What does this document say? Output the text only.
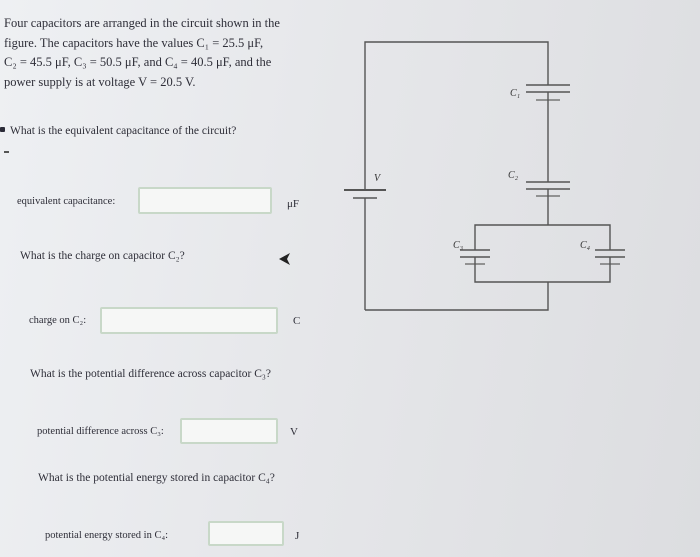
Four capacitors are arranged in the circuit shown in the
figure. The capacitors have the values C₁ = 25.5 μF,
C₂ = 45.5 μF, C₃ = 50.5 μF, and C₄ = 40.5 μF, and the
power supply is at voltage V = 20.5 V.
What is the equivalent capacitance of the circuit?
equivalent capacitance:	μF
What is the charge on capacitor C₂?
charge on C₂:	C
What is the potential difference across capacitor C₃?
potential difference across C₃:	V
What is the potential energy stored in capacitor C₄?
potential energy stored in C₄:	J
V
C₁
C₂
C₃	C₄
